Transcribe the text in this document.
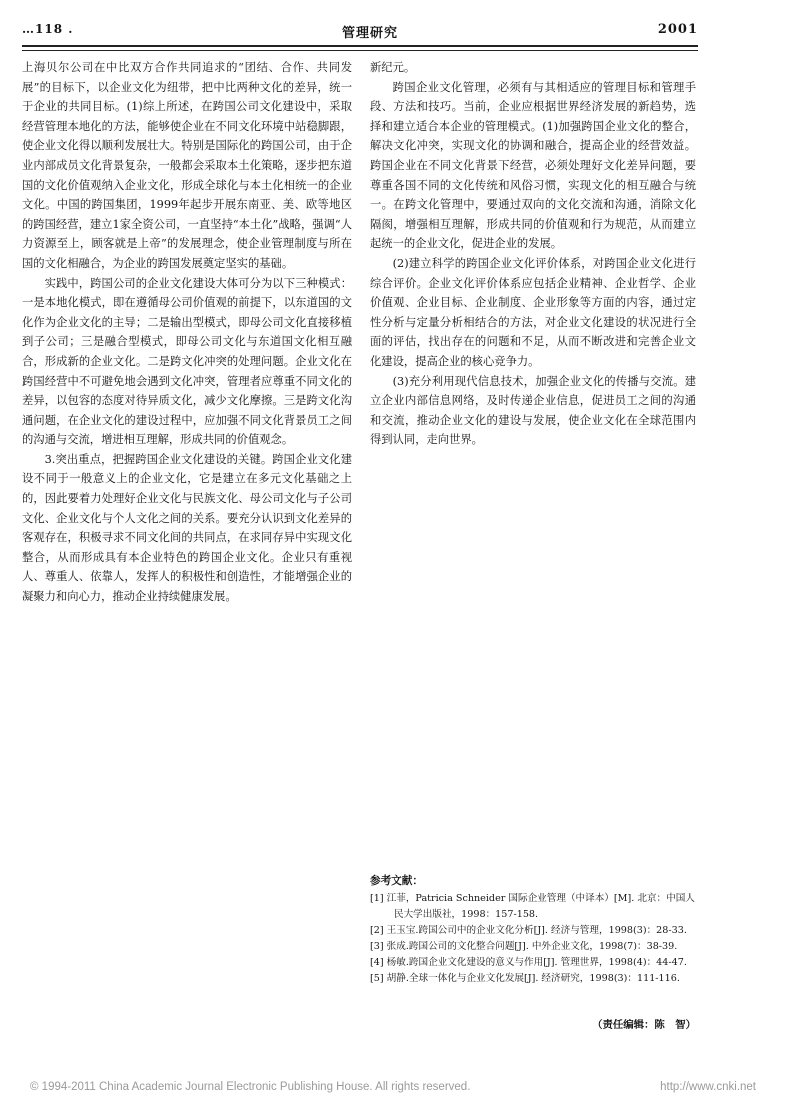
…118 .	管理研究	2001

上海贝尔公司在中比双方合作共同追求的“团结、合作、共同发展”的目标下，以企业文化为纽带，把中比两种文化的差异，统一于企业的共同目标。(1)综上所述，在跨国公司文化建设中，采取经营管理本地化的方法，能够使企业在不同文化环境中站稳脚跟，使企业文化得以顺利发展壮大。特别是国际化的跨国公司，由于企业内部成员文化背景复杂，一般都会采取本土化策略，逐步把东道国的文化价值观纳入企业文化，形成全球化与本土化相统一的企业文化。中国的跨国集团，1999年起步开展东南亚、美、欧等地区的跨国经营，建立1家全资公司，一直坚持“本土化”战略，强调“人力资源至上，顾客就是上帝”的发展理念，使企业管理制度与所在国的文化相融合，为企业的跨国发展奠定坚实的基础。

实践中，跨国公司的企业文化建设大体可分为以下三种模式：一是本地化模式，即在遵循母公司价值观的前提下，以东道国的文化作为企业文化的主导；二是输出型模式，即母公司文化直接移植到子公司；三是融合型模式，即母公司文化与东道国文化相互融合，形成新的企业文化。二是跨文化冲突的处理问题。企业文化在跨国经营中不可避免地会遇到文化冲突，管理者应尊重不同文化的差异，以包容的态度对待异质文化，减少文化摩擦。三是跨文化沟通问题，在企业文化的建设过程中，应加强不同文化背景员工之间的沟通与交流，增进相互理解，形成共同的价值观念。

3.突出重点，把握跨国企业文化建设的关键。跨国企业文化建设不同于一般意义上的企业文化，它是建立在多元文化基础之上的，因此要着力处理好企业文化与民族文化、母公司文化与子公司文化、企业文化与个人文化之间的关系。要充分认识到文化差异的客观存在，积极寻求不同文化间的共同点，在求同存异中实现文化整合，从而形成具有本企业特色的跨国企业文化。企业只有重视人、尊重人、依靠人，发挥人的积极性和创造性，才能增强企业的凝聚力和向心力，推动企业持续健康发展。

新纪元。

跨国企业文化管理，必须有与其相适应的管理目标和管理手段、方法和技巧。当前，企业应根据世界经济发展的新趋势，选择和建立适合本企业的管理模式。(1)加强跨国企业文化的整合，解决文化冲突，实现文化的协调和融合，提高企业的经营效益。跨国企业在不同文化背景下经营，必须处理好文化差异问题，要尊重各国不同的文化传统和风俗习惯，实现文化的相互融合与统一。在跨文化管理中，要通过双向的文化交流和沟通，消除文化隔阂，增强相互理解，形成共同的价值观和行为规范，从而建立起统一的企业文化，促进企业的发展。

(2)建立科学的跨国企业文化评价体系，对跨国企业文化进行综合评价。企业文化评价体系应包括企业精神、企业哲学、企业价值观、企业目标、企业制度、企业形象等方面的内容，通过定性分析与定量分析相结合的方法，对企业文化建设的状况进行全面的评估，找出存在的问题和不足，从而不断改进和完善企业文化建设，提高企业的核心竞争力。

(3)充分利用现代信息技术，加强企业文化的传播与交流。建立企业内部信息网络，及时传递企业信息，促进员工之间的沟通和交流，推动企业文化的建设与发展，使企业文化在全球范围内得到认同，走向世界。

参考文献：

[1] 江菲，Patricia Schneider 国际企业管理（中译本）[M]. 北京：中国人民大学出版社，1998：157-158.

[2] 王玉宝.跨国公司中的企业文化分析[J]. 经济与管理，1998(3)：28-33.

[3] 张成.跨国公司的文化整合问题[J]. 中外企业文化，1998(7)：38-39.

[4] 杨敏.跨国企业文化建设的意义与作用[J]. 管理世界，1998(4)：44-47.

[5] 胡静.全球一体化与企业文化发展[J]. 经济研究，1998(3)：111-116.

（责任编辑：陈　智）
© 1994-2011 China Academic Journal Electronic Publishing House. All rights reserved.	http://www.cnki.net
